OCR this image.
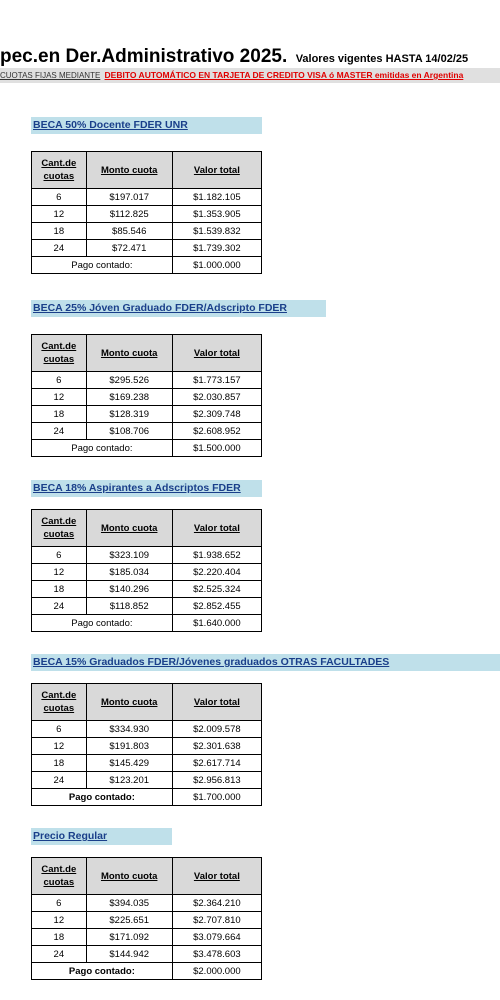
pec.en Der.Administrativo 2025. Valores vigentes HASTA 14/02/25
CUOTAS FIJAS MEDIANTE DEBITO AUTOMÁTICO EN TARJETA DE CREDITO VISA ó MASTER emitidas en Argentina
BECA 50% Docente FDER UNR
Cant.de
cuotas	Monto cuota	Valor total
6	$197.017	$1.182.105
12	$112.825	$1.353.905
18	$85.546	$1.539.832
24	$72.471	$1.739.302
Pago contado:		$1.000.000
BECA 25% Jóven Graduado FDER/Adscripto FDER
Cant.de
cuotas	Monto cuota	Valor total
6	$295.526	$1.773.157
12	$169.238	$2.030.857
18	$128.319	$2.309.748
24	$108.706	$2.608.952
Pago contado:		$1.500.000
BECA 18% Aspirantes a Adscriptos FDER
Cant.de
cuotas	Monto cuota	Valor total
6	$323.109	$1.938.652
12	$185.034	$2.220.404
18	$140.296	$2.525.324
24	$118.852	$2.852.455
Pago contado:		$1.640.000
BECA 15% Graduados FDER/Jóvenes graduados OTRAS FACULTADES
Cant.de
cuotas	Monto cuota	Valor total
6	$334.930	$2.009.578
12	$191.803	$2.301.638
18	$145.429	$2.617.714
24	$123.201	$2.956.813
Pago contado:		$1.700.000
Precio Regular
Cant.de
cuotas	Monto cuota	Valor total
6	$394.035	$2.364.210
12	$225.651	$2.707.810
18	$171.092	$3.079.664
24	$144.942	$3.478.603
Pago contado:		$2.000.000
